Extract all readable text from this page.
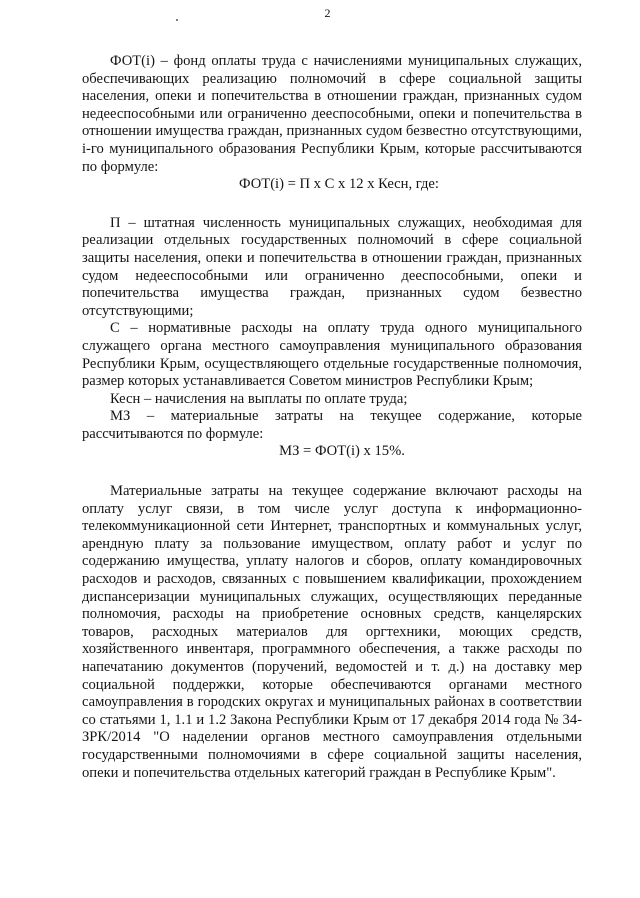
2

ФОТ(i) – фонд оплаты труда с начислениями муниципальных служащих, обеспечивающих реализацию полномочий в сфере социальной защиты населения, опеки и попечительства в отношении граждан, признанных судом недееспособными или ограниченно дееспособными, опеки и попечительства в отношении имущества граждан, признанных судом безвестно отсутствующими, i-го муниципального образования Республики Крым, которые рассчитываются по формуле:

ФОТ(i) = П х С х 12 х Кесн, где:

П – штатная численность муниципальных служащих, необходимая для реализации отдельных государственных полномочий в сфере социальной защиты населения, опеки и попечительства в отношении граждан, признанных судом недееспособными или ограниченно дееспособными, опеки и попечительства имущества граждан, признанных судом безвестно отсутствующими;

С – нормативные расходы на оплату труда одного муниципального служащего органа местного самоуправления муниципального образования Республики Крым, осуществляющего отдельные государственные полномочия, размер которых устанавливается Советом министров Республики Крым;

Кесн – начисления на выплаты по оплате труда;

МЗ – материальные затраты на текущее содержание, которые рассчитываются по формуле:

МЗ = ФОТ(i) х 15%.

Материальные затраты на текущее содержание включают расходы на оплату услуг связи, в том числе услуг доступа к информационно-телекоммуникационной сети Интернет, транспортных и коммунальных услуг, арендную плату за пользование имуществом, оплату работ и услуг по содержанию имущества, уплату налогов и сборов, оплату командировочных расходов и расходов, связанных с повышением квалификации, прохождением диспансеризации муниципальных служащих, осуществляющих переданные полномочия, расходы на приобретение основных средств, канцелярских товаров, расходных материалов для оргтехники, моющих средств, хозяйственного инвентаря, программного обеспечения, а также расходы по напечатанию документов (поручений, ведомостей и т. д.) на доставку мер социальной поддержки, которые обеспечиваются органами местного самоуправления в городских округах и муниципальных районах в соответствии со статьями 1, 1.1 и 1.2 Закона Республики Крым от 17 декабря 2014 года № 34-ЗРК/2014 "О наделении органов местного самоуправления отдельными государственными полномочиями в сфере социальной защиты населения, опеки и попечительства отдельных категорий граждан в Республике Крым".
